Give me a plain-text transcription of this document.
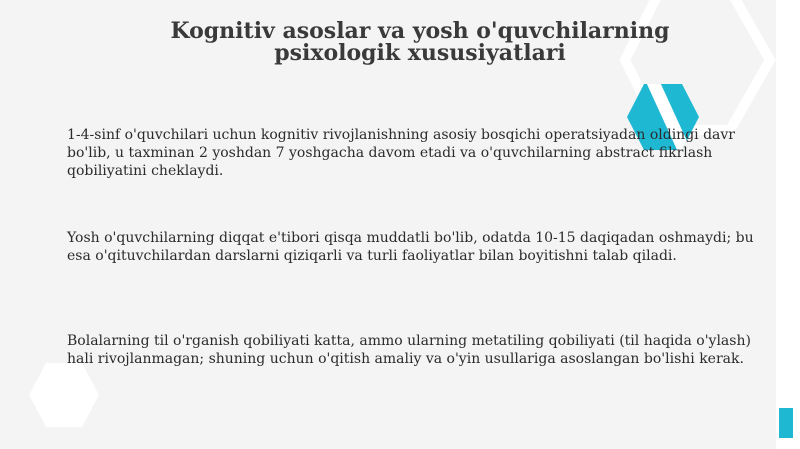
Kognitiv asoslar va yosh o'quvchilarning psixologik xususiyatlari

1-4-sinf o'quvchilari uchun kognitiv rivojlanishning asosiy bosqichi operatsiyadan oldingi davr bo'lib, u taxminan 2 yoshdan 7 yoshgacha davom etadi va o'quvchilarning abstract fikrlash qobiliyatini cheklaydi.

Yosh o'quvchilarning diqqat e'tibori qisqa muddatli bo'lib, odatda 10-15 daqiqadan oshmaydi; bu esa o'qituvchilardan darslarni qiziqarli va turli faoliyatlar bilan boyitishni talab qiladi.

Bolalarning til o'rganish qobiliyati katta, ammo ularning metatiling qobiliyati (til haqida o'ylash) hali rivojlanmagan; shuning uchun o'qitish amaliy va o'yin usullariga asoslangan bo'lishi kerak.
